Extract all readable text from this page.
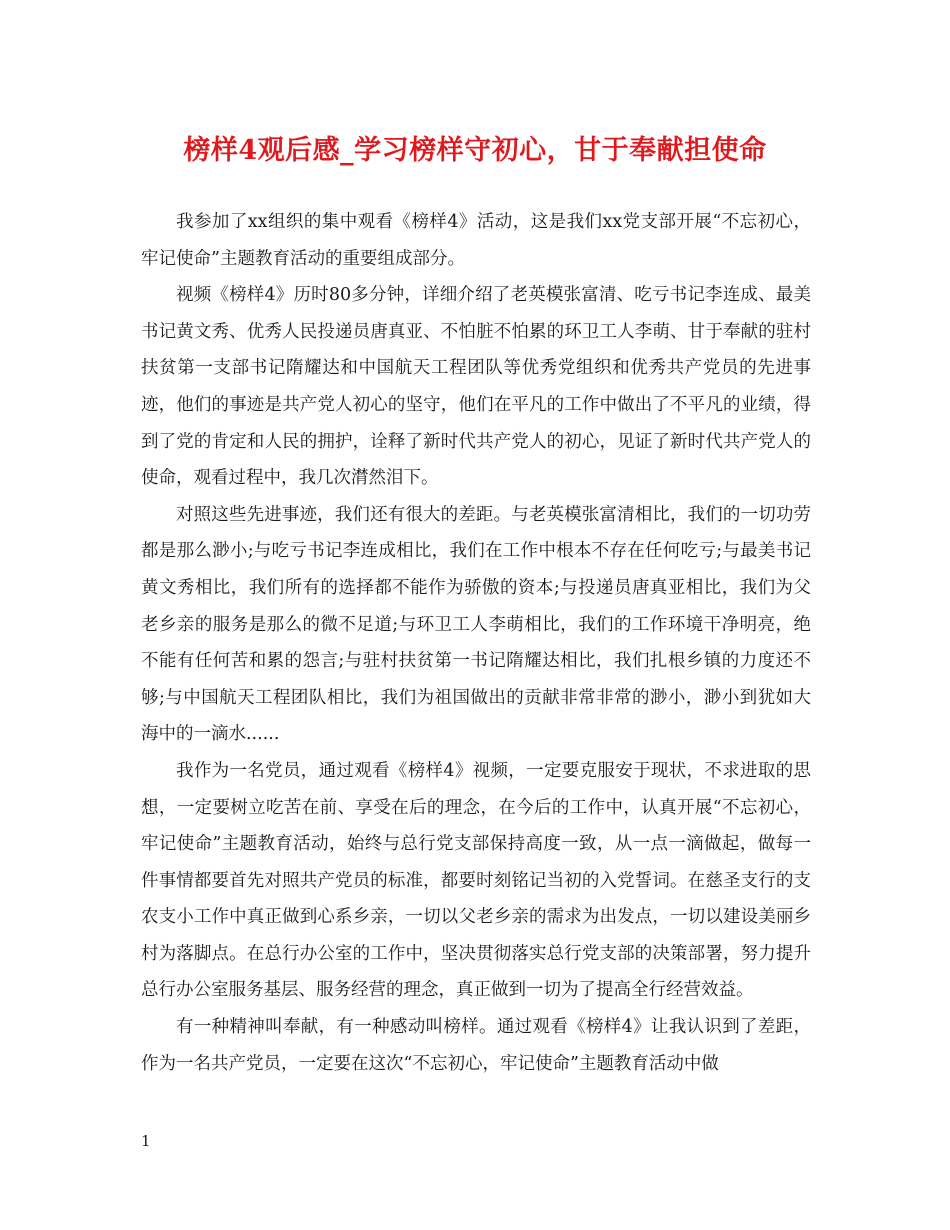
榜样4观后感_学习榜样守初心，甘于奉献担使命

我参加了xx组织的集中观看《榜样4》活动，这是我们xx党支部开展“不忘初心，牢记使命”主题教育活动的重要组成部分。

视频《榜样4》历时80多分钟，详细介绍了老英模张富清、吃亏书记李连成、最美书记黄文秀、优秀人民投递员唐真亚、不怕脏不怕累的环卫工人李萌、甘于奉献的驻村扶贫第一支部书记隋耀达和中国航天工程团队等优秀党组织和优秀共产党员的先进事迹，他们的事迹是共产党人初心的坚守，他们在平凡的工作中做出了不平凡的业绩，得到了党的肯定和人民的拥护，诠释了新时代共产党人的初心，见证了新时代共产党人的使命，观看过程中，我几次潸然泪下。

对照这些先进事迹，我们还有很大的差距。与老英模张富清相比，我们的一切功劳都是那么渺小;与吃亏书记李连成相比，我们在工作中根本不存在任何吃亏;与最美书记黄文秀相比，我们所有的选择都不能作为骄傲的资本;与投递员唐真亚相比，我们为父老乡亲的服务是那么的微不足道;与环卫工人李萌相比，我们的工作环境干净明亮，绝不能有任何苦和累的怨言;与驻村扶贫第一书记隋耀达相比，我们扎根乡镇的力度还不够;与中国航天工程团队相比，我们为祖国做出的贡献非常非常的渺小，渺小到犹如大海中的一滴水......

我作为一名党员，通过观看《榜样4》视频，一定要克服安于现状，不求进取的思想，一定要树立吃苦在前、享受在后的理念，在今后的工作中，认真开展“不忘初心，牢记使命”主题教育活动，始终与总行党支部保持高度一致，从一点一滴做起，做每一件事情都要首先对照共产党员的标准，都要时刻铭记当初的入党誓词。在慈圣支行的支农支小工作中真正做到心系乡亲，一切以父老乡亲的需求为出发点，一切以建设美丽乡村为落脚点。在总行办公室的工作中，坚决贯彻落实总行党支部的决策部署，努力提升总行办公室服务基层、服务经营的理念，真正做到一切为了提高全行经营效益。

有一种精神叫奉献，有一种感动叫榜样。通过观看《榜样4》让我认识到了差距，作为一名共产党员，一定要在这次“不忘初心，牢记使命”主题教育活动中做

1
